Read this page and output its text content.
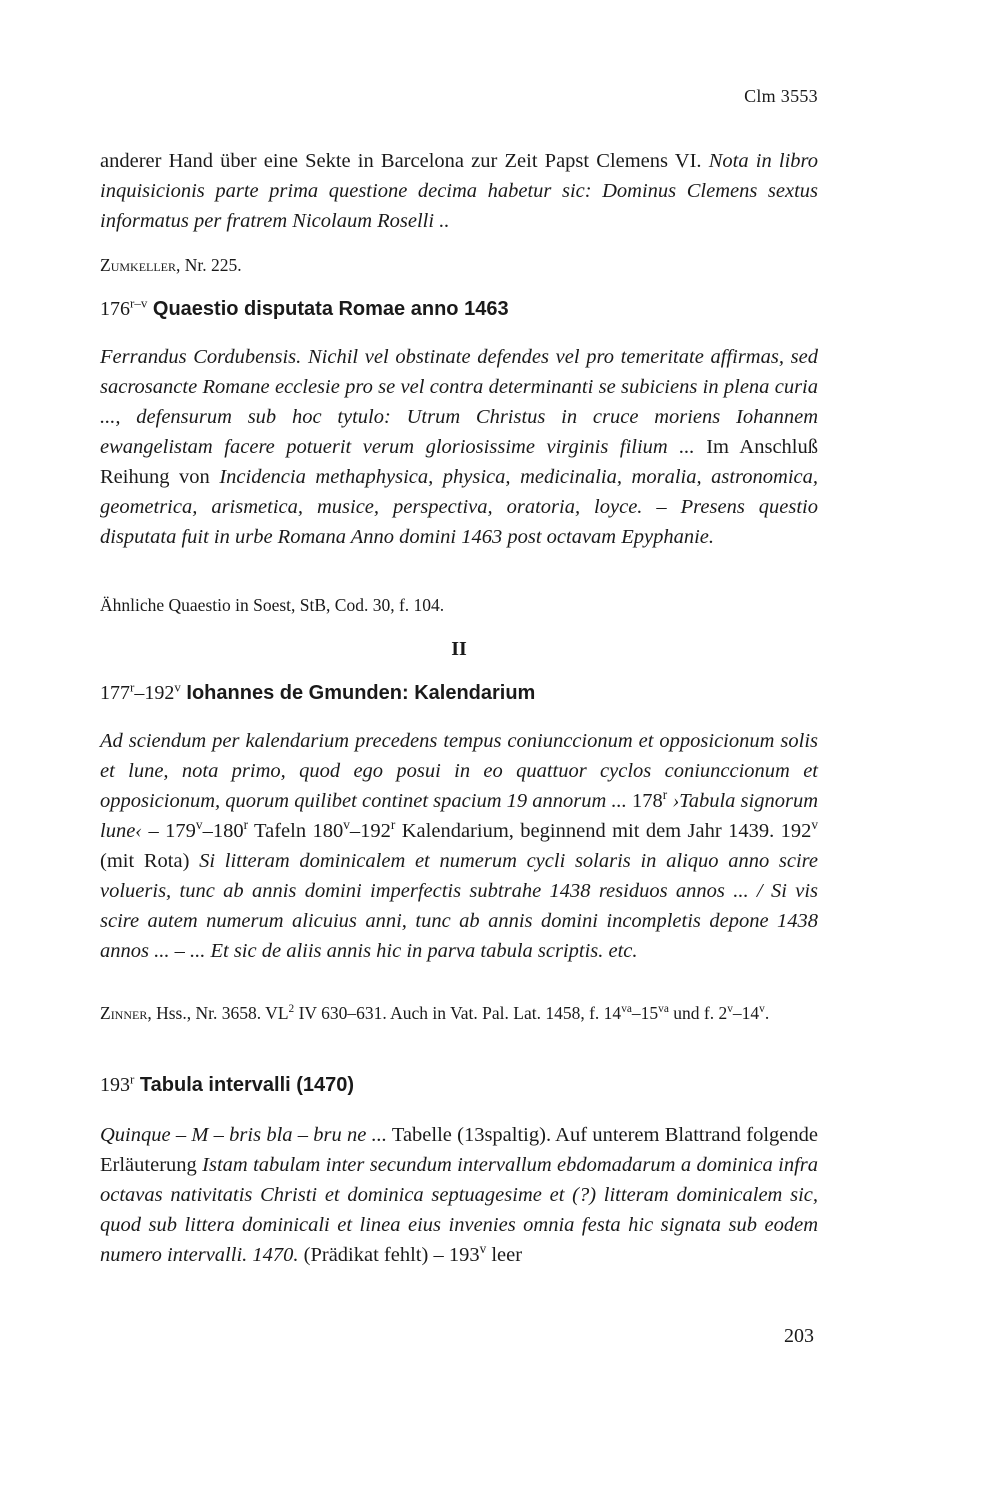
Clm 3553

anderer Hand über eine Sekte in Barcelona zur Zeit Papst Clemens VI. Nota in libro inquisicionis parte prima questione decima habetur sic: Dominus Clemens sextus informatus per fratrem Nicolaum Roselli ..

Zumkeller, Nr. 225.

176$^{r-v}$ Quaestio disputata Romae anno 1463

Ferrandus Cordubensis. Nichil vel obstinate defendes vel pro temeritate affirmas, sed sacrosancte Romane ecclesie pro se vel contra determinanti se subiciens in plena curia ..., defensurum sub hoc tytulo: Utrum Christus in cruce moriens Iohannem ewangelistam facere potuerit verum gloriosissime virginis filium ... Im Anschluß Reihung von Incidencia methaphysica, physica, medicinalia, moralia, astronomica, geometrica, arismetica, musice, perspectiva, oratoria, loyce. – Presens questio disputata fuit in urbe Romana Anno domini 1463 post octavam Epyphanie.

Ähnliche Quaestio in Soest, StB, Cod. 30, f. 104.

II
177$^r$–192$^v$ Iohannes de Gmunden: Kalendarium

Ad sciendum per kalendarium precedens tempus coniunccionum et opposicionum solis et lune, nota primo, quod ego posui in eo quattuor cyclos coniunccionum et opposicionum, quorum quilibet continet spacium 19 annorum ... 178$^r$ ›Tabula signorum lune‹ – 179$^v$–180$^r$ Tafeln 180$^v$–192$^r$ Kalendarium, beginnend mit dem Jahr 1439. 192$^v$ (mit Rota) Si litteram dominicalem et numerum cycli solaris in aliquo anno scire volueris, tunc ab annis domini imperfectis subtrahe 1438 residuos annos ... / Si vis scire autem numerum alicuius anni, tunc ab annis domini incompletis depone 1438 annos ... – ... Et sic de aliis annis hic in parva tabula scriptis. etc.

Zinner, Hss., Nr. 3658. $VL^2$ IV 630–631. Auch in Vat. Pal. Lat. 1458, f. $14^{va}-15^{va}$ und f. 2$^v$–14$^v$.

193$^r$ Tabula intervalli (1470)

Quinque – M – bris bla – bru ne ... Tabelle (13spaltig). Auf unterem Blattrand folgende Erläuterung Istam tabulam inter secundum intervallum ebdomadarum a dominica infra octavas nativitatis Christi et dominica septuagesime et (?) litteram dominicalem sic, quod sub littera dominicali et linea eius invenies omnia festa hic signata sub eodem numero intervalli. 1470. (Prädikat fehlt) – 193$^v$ leer

203
